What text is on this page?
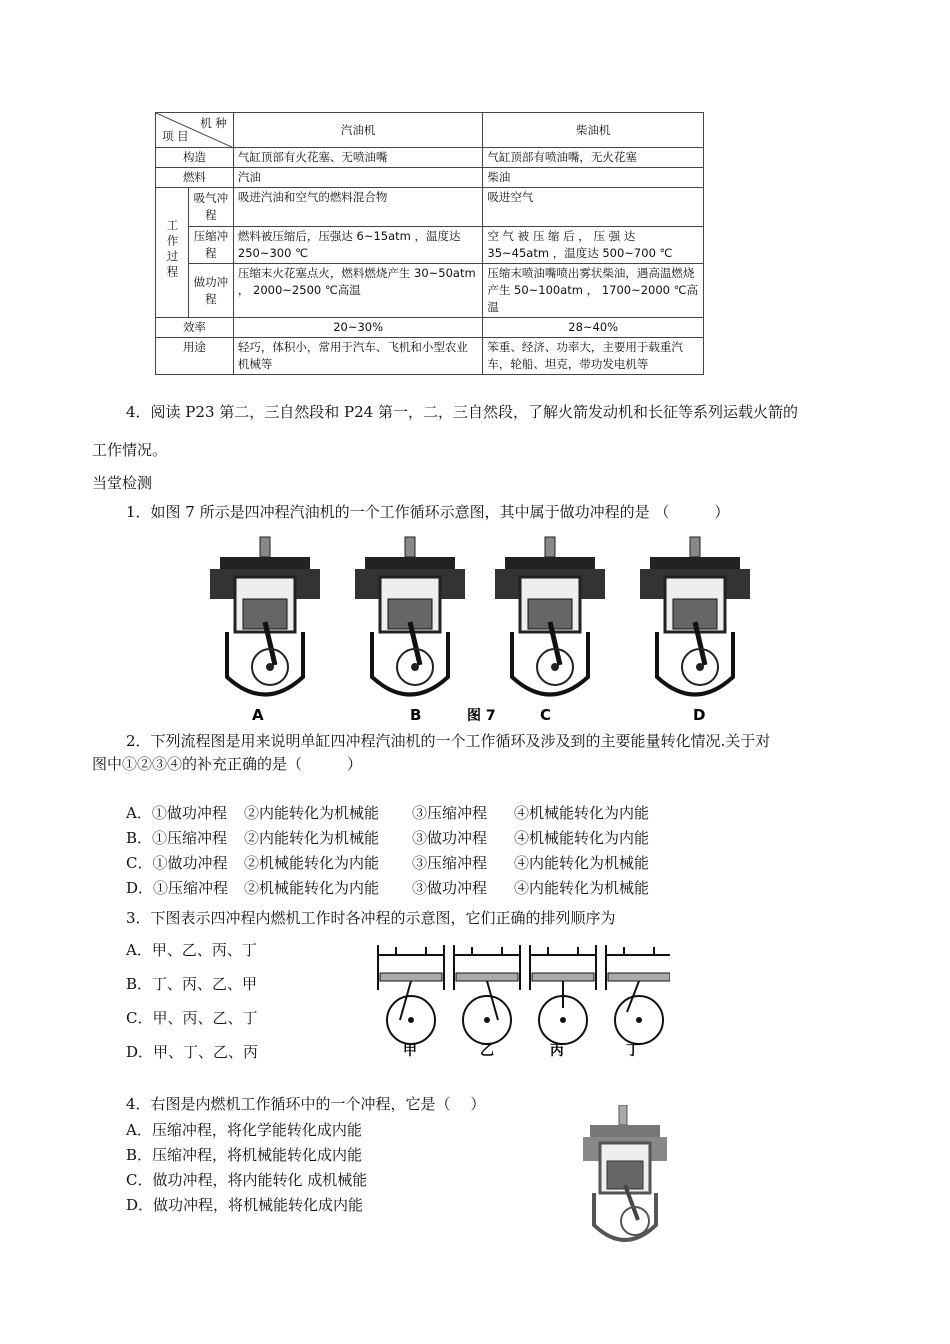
机 种
项 目		汽油机	柴油机
构造		气缸顶部有火花塞、无喷油嘴	气缸顶部有喷油嘴，无火花塞
燃料		汽油	柴油
工作过程	吸气冲程	吸进汽油和空气的燃料混合物	吸进空气
	压缩冲程	燃料被压缩后，压强达 6~15atm ，温度达 250~300 ℃	空 气 被 压 缩 后 ， 压 强 达 35~45atm ，温度达 500~700 ℃
	做功冲程	压缩末火花塞点火，燃料燃烧产生 30~50atm ， 2000~2500 ℃高温	压缩末喷油嘴喷出雾状柴油，遇高温燃烧产生 50~100atm ， 1700~2000 ℃高温
效率		20~30%	28~40%
用途		轻巧，体积小，常用于汽车、飞机和小型农业机械等	笨重、经济、功率大，主要用于载重汽车，轮船、坦克，带功发电机等
4．阅读 P23 第二，三自然段和 P24 第一，二，三自然段，了解火箭发动机和长征等系列运载火箭的
工作情况。
当堂检测
1．如图 7 所示是四冲程汽油机的一个工作循环示意图，其中属于做功冲程的是 （　　　）
A	B	图 7	C	D
2．下列流程图是用来说明单缸四冲程汽油机的一个工作循环及涉及到的主要能量转化情况.关于对
图中①②③④的补充正确的是（　　　）
A．①做功冲程 ②内能转化为机械能 ③压缩冲程 ④机械能转化为内能
B．①压缩冲程 ②内能转化为机械能 ③做功冲程 ④机械能转化为内能
C．①做功冲程 ②机械能转化为内能 ③压缩冲程 ④内能转化为机械能
D．①压缩冲程 ②机械能转化为内能 ③做功冲程 ④内能转化为机械能
3．下图表示四冲程内燃机工作时各冲程的示意图，它们正确的排列顺序为
A．甲、乙、丙、丁
B．丁、丙、乙、甲
C．甲、丙、乙、丁
D．甲、丁、乙、丙	甲	乙	丙	丁
4．右图是内燃机工作循环中的一个冲程，它是（　 ）
A．压缩冲程，将化学能转化成内能
B．压缩冲程，将机械能转化成内能
C．做功冲程，将内能转化 成机械能
D．做功冲程，将机械能转化成内能
